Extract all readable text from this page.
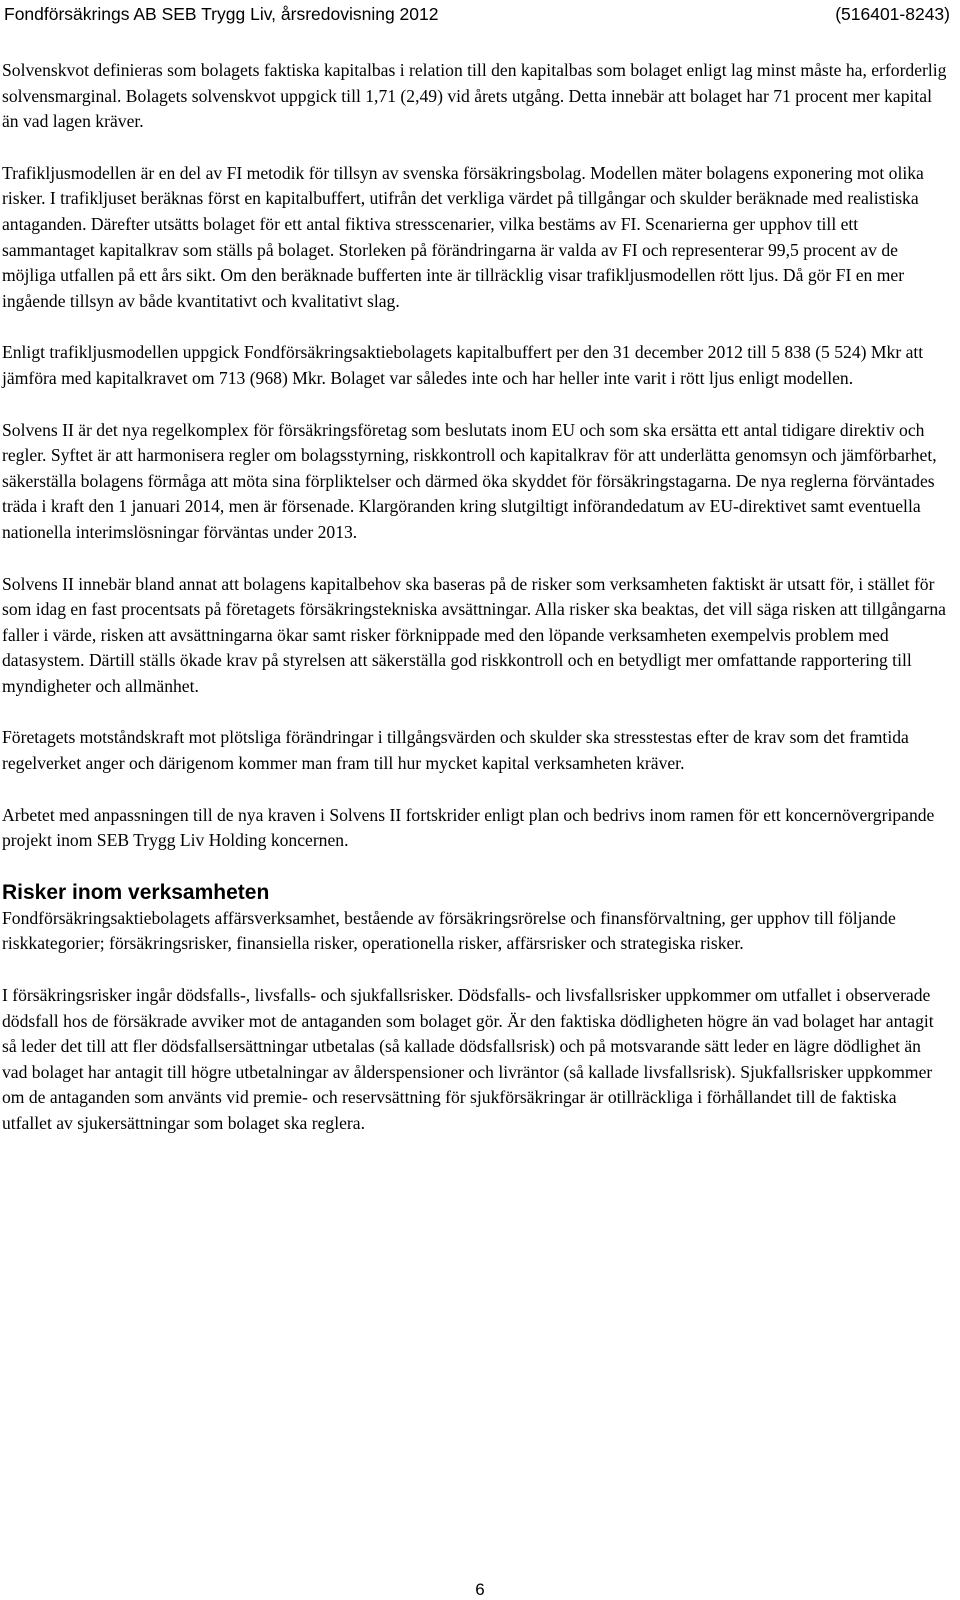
Fondförsäkrings AB SEB Trygg Liv, årsredovisning 2012	(516401-8243)

Solvenskvot definieras som bolagets faktiska kapitalbas i relation till den kapitalbas som bolaget enligt lag minst måste ha, erforderlig solvensmarginal. Bolagets solvenskvot uppgick till 1,71 (2,49) vid årets utgång. Detta innebär att bolaget har 71 procent mer kapital än vad lagen kräver.

Trafikljusmodellen är en del av FI metodik för tillsyn av svenska försäkringsbolag. Modellen mäter bolagens exponering mot olika risker. I trafikljuset beräknas först en kapitalbuffert, utifrån det verkliga värdet på tillgångar och skulder beräknade med realistiska antaganden. Därefter utsätts bolaget för ett antal fiktiva stresscenarier, vilka bestäms av FI. Scenarierna ger upphov till ett sammantaget kapitalkrav som ställs på bolaget. Storleken på förändringarna är valda av FI och representerar 99,5 procent av de möjliga utfallen på ett års sikt. Om den beräknade bufferten inte är tillräcklig visar trafikljusmodellen rött ljus. Då gör FI en mer ingående tillsyn av både kvantitativt och kvalitativt slag.

Enligt trafikljusmodellen uppgick Fondförsäkringsaktiebolagets kapitalbuffert per den 31 december 2012 till 5 838 (5 524) Mkr att jämföra med kapitalkravet om 713 (968) Mkr. Bolaget var således inte och har heller inte varit i rött ljus enligt modellen.

Solvens II är det nya regelkomplex för försäkringsföretag som beslutats inom EU och som ska ersätta ett antal tidigare direktiv och regler. Syftet är att harmonisera regler om bolagsstyrning, riskkontroll och kapitalkrav för att underlätta genomsyn och jämförbarhet, säkerställa bolagens förmåga att möta sina förpliktelser och därmed öka skyddet för försäkringstagarna. De nya reglerna förväntades träda i kraft den 1 januari 2014, men är försenade. Klargöranden kring slutgiltigt införandedatum av EU-direktivet samt eventuella nationella interimslösningar förväntas under 2013.

Solvens II innebär bland annat att bolagens kapitalbehov ska baseras på de risker som verksamheten faktiskt är utsatt för, i stället för som idag en fast procentsats på företagets försäkringstekniska avsättningar. Alla risker ska beaktas, det vill säga risken att tillgångarna faller i värde, risken att avsättningarna ökar samt risker förknippade med den löpande verksamheten exempelvis problem med datasystem. Därtill ställs ökade krav på styrelsen att säkerställa god riskkontroll och en betydligt mer omfattande rapportering till myndigheter och allmänhet.

Företagets motståndskraft mot plötsliga förändringar i tillgångsvärden och skulder ska stresstestas efter de krav som det framtida regelverket anger och därigenom kommer man fram till hur mycket kapital verksamheten kräver.

Arbetet med anpassningen till de nya kraven i Solvens II fortskrider enligt plan och bedrivs inom ramen för ett koncernövergripande projekt inom SEB Trygg Liv Holding koncernen.

Risker inom verksamheten

Fondförsäkringsaktiebolagets affärsverksamhet, bestående av försäkringsrörelse och finansförvaltning, ger upphov till följande riskkategorier; försäkringsrisker, finansiella risker, operationella risker, affärsrisker och strategiska risker.

I försäkringsrisker ingår dödsfalls-, livsfalls- och sjukfallsrisker. Dödsfalls- och livsfallsrisker uppkommer om utfallet i observerade dödsfall hos de försäkrade avviker mot de antaganden som bolaget gör. Är den faktiska dödligheten högre än vad bolaget har antagit så leder det till att fler dödsfallsersättningar utbetalas (så kallade dödsfallsrisk) och på motsvarande sätt leder en lägre dödlighet än vad bolaget har antagit till högre utbetalningar av ålderspensioner och livräntor (så kallade livsfallsrisk). Sjukfallsrisker uppkommer om de antaganden som använts vid premie- och reservsättning för sjukförsäkringar är otillräckliga i förhållandet till de faktiska utfallet av sjukersättningar som bolaget ska reglera.

6
